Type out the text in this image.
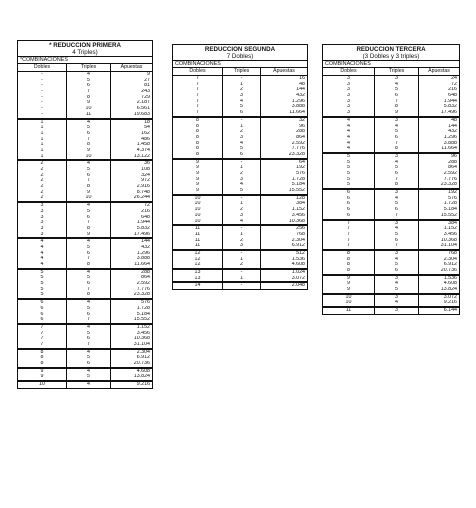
* REDUCCION PRIMERA
4 Triples)
*COMBINACIONES
Dobles	Triples	Apuestas
-	4	9
-	5	27
-	6	81
-	7	243
-	8	729
-	9	2.187
-	10	6.561
-	11	19.683
1	4	18
1	5	54
1	6	162
1	7	486
1	8	1.458
1	9	4.374
1	10	13.122
2	4	36
2	5	108
2	6	324
2	7	972
2	8	2.916
2	9	8.748
2	10	26.244
3	4	72
3	5	216
3	6	648
3	7	1.944
3	8	5.832
3	9	17.496
4	4	144
4	5	432
4	6	1.296
4	7	3.888
4	8	11.664
5	4	288
5	5	864
5	6	2.592
5	7	7.776
5	8	23.328
6	4	576
6	5	1.728
6	6	5.184
6	7	15.552
7	4	1.152
7	5	3.456
7	6	10.368
7	7	31.104
8	4	2.304
8	5	6.912
8	6	20.736
9	4	4.608
9	5	13.824
10	4	9.216
REDUCCION SEGUNDA
7 Dobles)
COMBINACIONES
Dobles	Triples	Apuestas
7	-	16
7	1	48
7	2	144
7	3	432
7	4	1.296
7	5	3.888
7	6	11.664
8	-	32
8	1	96
8	2	288
8	3	864
8	4	2.592
8	5	7.776
8	6	23.328
9	-	64
9	1	192
9	2	576
9	3	1.728
9	4	5.184
9	5	15.552
10	-	128
10	1	384
10	2	1.152
10	3	3.456
10	4	10.368
11	-	256
11	1	768
11	2	2.304
11	3	6.912
12	-	512
12	1	1.536
12	2	4.608
13	-	1.024
13	1	3.072
14	-	2.048
REDUCCION TERCERA
(3 Dobles y 3 triples)
COMBINACIONES
Dobles	Triples	Apuestas
3	3	24
3	4	72
3	5	216
3	6	648
3	7	1.944
3	8	5.832
3	9	17.496
4	3	48
4	4	144
4	5	432
4	6	1.296
4	7	3.888
4	8	11.664
5	3	96
5	4	288
5	5	864
5	6	2.592
5	7	7.776
5	8	23.328
6	3	192
6	4	576
6	5	1.728
6	6	5.184
6	7	15.552
7	3	384
7	4	1.152
7	5	3.456
7	6	10.368
7	7	31.104
8	3	768
8	4	2.304
8	5	6.912
8	6	20.736
9	3	1.536
9	4	4.608
9	5	13.824
10	3	3.072
10	4	9.216
11	3	6.144
